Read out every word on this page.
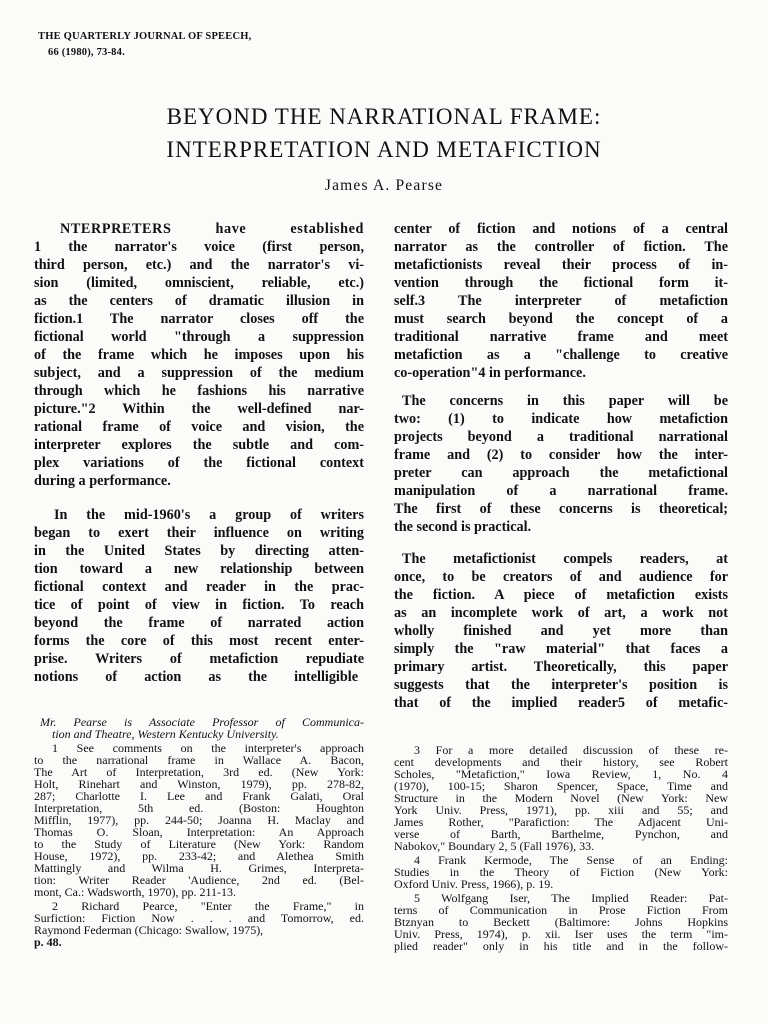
THE QUARTERLY JOURNAL OF SPEECH,
66 (1980), 73-84.
BEYOND THE NARRATIONAL FRAME:
INTERPRETATION AND METAFICTION
James A. Pearse
NTERPRETERS have established
1 the narrator's voice (first person,
third person, etc.) and the narrator's vi-
sion (limited, omniscient, reliable, etc.)
as the centers of dramatic illusion in
fiction.1 The narrator closes off the
fictional world "through a suppression
of the frame which he imposes upon his
subject, and a suppression of the medium
through which he fashions his narrative
picture."2 Within the well-defined nar-
rational frame of voice and vision, the
interpreter explores the subtle and com-
plex variations of the fictional context
during a performance.
In the mid-1960's a group of writers
began to exert their influence on writing
in the United States by directing atten-
tion toward a new relationship between
fictional context and reader in the prac-
tice of point of view in fiction. To reach
beyond the frame of narrated action
forms the core of this most recent enter-
prise. Writers of metafiction repudiate
notions of action as the intelligible
center of fiction and notions of a central
narrator as the controller of fiction. The
metafictionists reveal their process of in-
vention through the fictional form it-
self.3 The interpreter of metafiction
must search beyond the concept of a
traditional narrative frame and meet
metafiction as a "challenge to creative
co-operation"4 in performance.
The concerns in this paper will be
two: (1) to indicate how metafiction
projects beyond a traditional narrational
frame and (2) to consider how the inter-
preter can approach the metafictional
manipulation of a narrational frame.
The first of these concerns is theoretical;
the second is practical.
The metafictionist compels readers, at
once, to be creators of and audience for
the fiction. A piece of metafiction exists
as an incomplete work of art, a work not
wholly finished and yet more than
simply the "raw material" that faces a
primary artist. Theoretically, this paper
suggests that the interpreter's position is
that of the implied reader5 of metafic-
Mr. Pearse is Associate Professor of Communica-
tion and Theatre, Western Kentucky University.
1 See comments on the interpreter's approach
to the narrational frame in Wallace A. Bacon,
The Art of Interpretation, 3rd ed. (New York:
Holt, Rinehart and Winston, 1979), pp. 278-82,
287; Charlotte I. Lee and Frank Galati, Oral
Interpretation, 5th ed. (Boston: Houghton
Mifflin, 1977), pp. 244-50; Joanna H. Maclay and
Thomas O. Sloan, Interpretation: An Approach
to the Study of Literature (New York: Random
House, 1972), pp. 233-42; and Alethea Smith
Mattingly and Wilma H. Grimes, Interpreta-
tion: Writer Reader 'Audience, 2nd ed. (Bel-
mont, Ca.: Wadsworth, 1970), pp. 211-13.
2 Richard Pearce, "Enter the Frame," in
Surfiction: Fiction Now . . . and Tomorrow, ed.
Raymond Federman (Chicago: Swallow, 1975),
p. 48.
3 For a more detailed discussion of these re-
cent developments and their history, see Robert
Scholes, "Metafiction," Iowa Review, 1, No. 4
(1970), 100-15; Sharon Spencer, Space, Time and
Structure in the Modern Novel (New York: New
York Univ. Press, 1971), pp. xiii and 55; and
James Rother, "Parafiction: The Adjacent Uni-
verse of Barth, Barthelme, Pynchon, and
Nabokov," Boundary 2, 5 (Fall 1976), 33.
4 Frank Kermode, The Sense of an Ending:
Studies in the Theory of Fiction (New York:
Oxford Univ. Press, 1966), p. 19.
5 Wolfgang Iser, The Implied Reader: Pat-
terns of Communication in Prose Fiction From
Btznyan to Beckett (Baltimore: Johns Hopkins
Univ. Press, 1974), p. xii. Iser uses the term "im-
plied reader" only in his title and in the follow-
